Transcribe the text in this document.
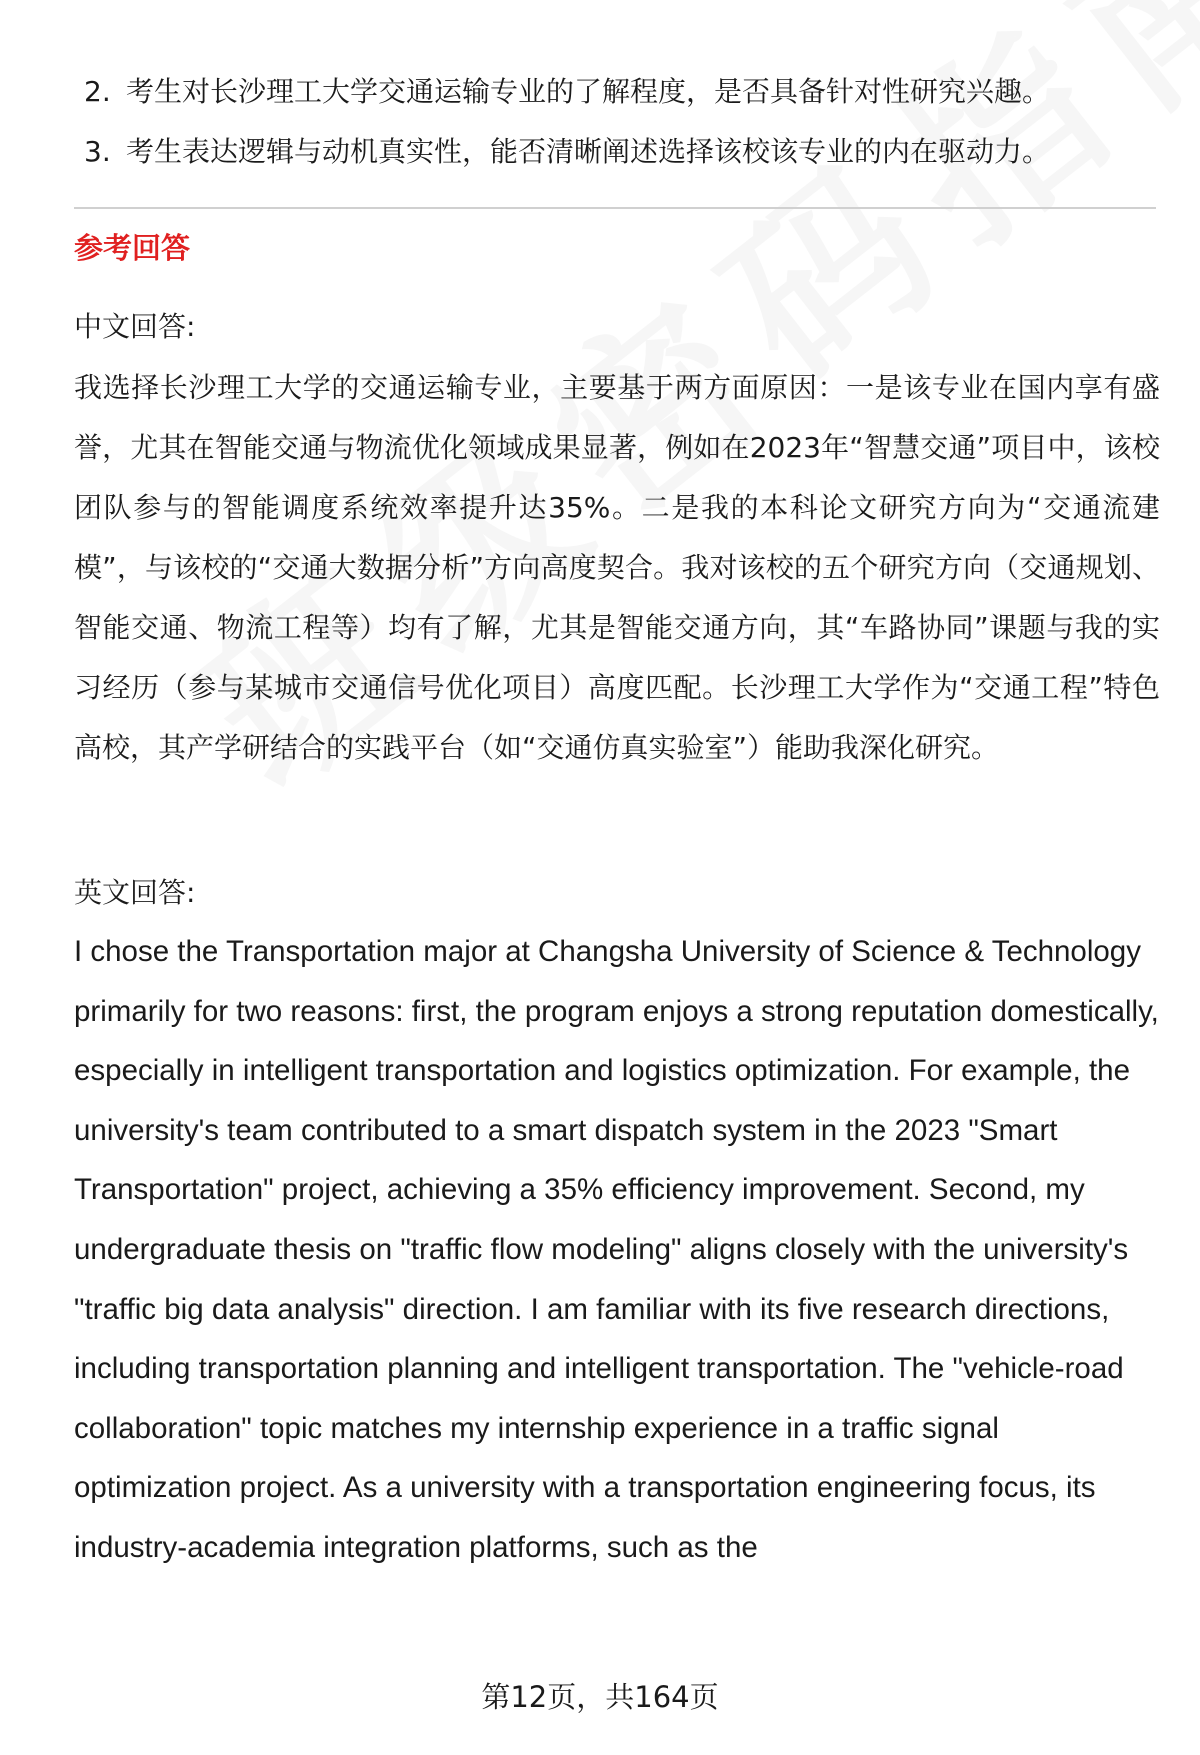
2. 考生对长沙理工大学交通运输专业的了解程度，是否具备针对性研究兴趣。
3. 考生表达逻辑与动机真实性，能否清晰阐述选择该校该专业的内在驱动力。
参考回答
中文回答:
我选择长沙理工大学的交通运输专业，主要基于两方面原因：一是该专业在国内享有盛誉，尤其在智能交通与物流优化领域成果显著，例如在2023年“智慧交通”项目中，该校团队参与的智能调度系统效率提升达35%。二是我的本科论文研究方向为“交通流建模”，与该校的“交通大数据分析”方向高度契合。我对该校的五个研究方向（交通规划、智能交通、物流工程等）均有了解，尤其是智能交通方向，其“车路协同”课题与我的实习经历（参与某城市交通信号优化项目）高度匹配。长沙理工大学作为“交通工程”特色高校，其产学研结合的实践平台（如“交通仿真实验室”）能助我深化研究。
英文回答:
I chose the Transportation major at Changsha University of Science & Technology primarily for two reasons: first, the program enjoys a strong reputation domestically, especially in intelligent transportation and logistics optimization. For example, the university's team contributed to a smart dispatch system in the 2023 "Smart Transportation" project, achieving a 35% efficiency improvement. Second, my undergraduate thesis on "traffic flow modeling" aligns closely with the university's "traffic big data analysis" direction. I am familiar with its five research directions, including transportation planning and intelligent transportation. The "vehicle-road collaboration" topic matches my internship experience in a traffic signal optimization project. As a university with a transportation engineering focus, its industry-academia integration platforms, such as the
第12页，共164页
